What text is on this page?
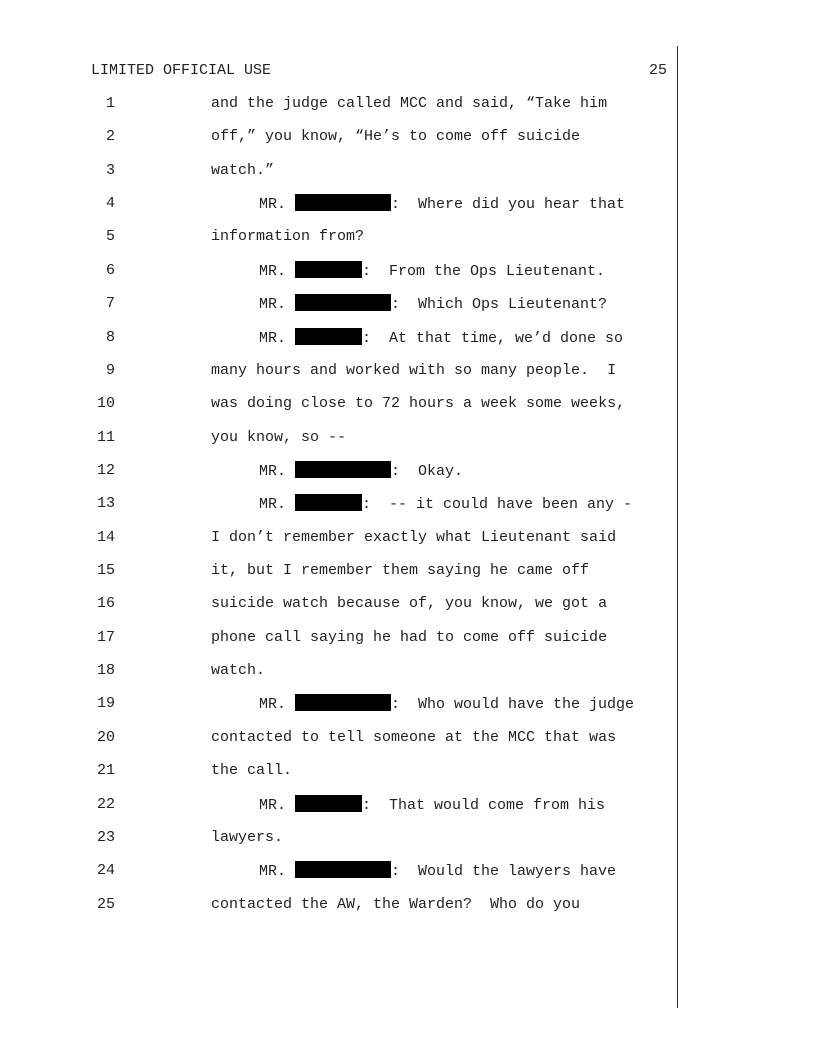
LIMITED OFFICIAL USE	25
1	and the judge called MCC and said, “Take him
2	off,” you know, “He’s to come off suicide
3	watch.”
4	MR.	:  Where did you hear that
5	information from?
6	MR.	:  From the Ops Lieutenant.
7	MR.	:  Which Ops Lieutenant?
8	MR.	:  At that time, we’d done so
9	many hours and worked with so many people.  I
10	was doing close to 72 hours a week some weeks,
11	you know, so --
12	MR.	:  Okay.
13	MR.	:  -- it could have been any -
14	I don’t remember exactly what Lieutenant said
15	it, but I remember them saying he came off
16	suicide watch because of, you know, we got a
17	phone call saying he had to come off suicide
18	watch.
19	MR.	:  Who would have the judge
20	contacted to tell someone at the MCC that was
21	the call.
22	MR.	:  That would come from his
23	lawyers.
24	MR.	:  Would the lawyers have
25	contacted the AW, the Warden?  Who do you
